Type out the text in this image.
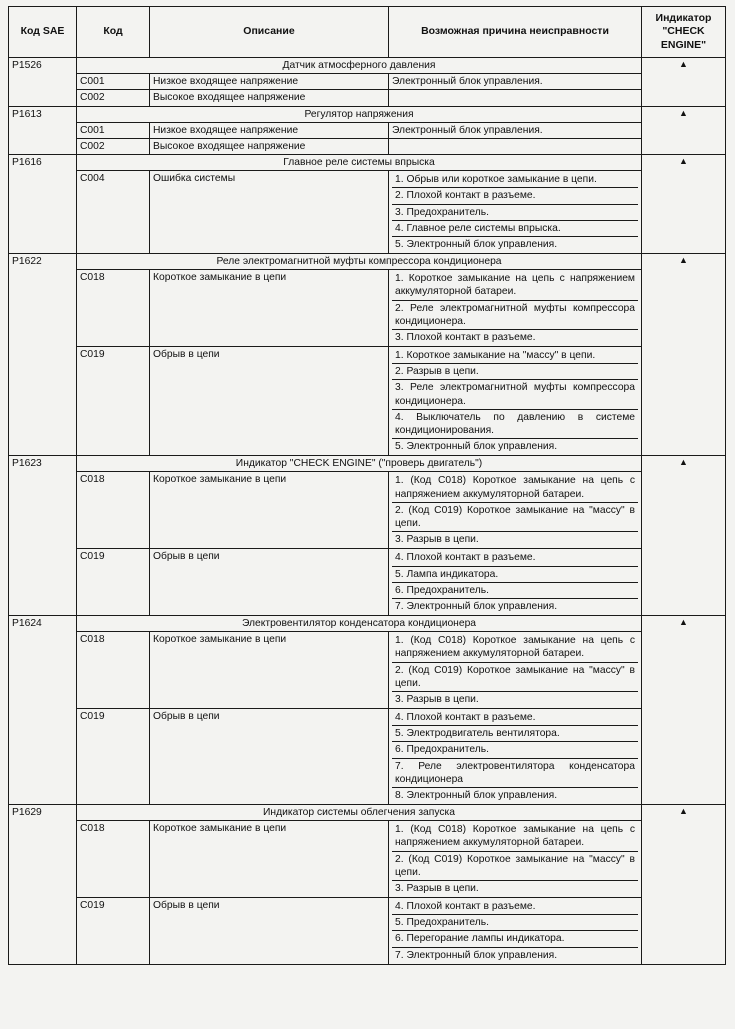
Код SAE	Код	Описание	Возможная причина неисправности	Индикатор "CHECK ENGINE"
P1526	Датчик атмосферного давления			▲
	C001	Низкое входящее напряжение	Электронный блок управления.	
	C002	Высокое входящее напряжение		
P1613	Регулятор напряжения			▲
	C001	Низкое входящее напряжение	Электронный блок управления.	
	C002	Высокое входящее напряжение		
P1616	Главное реле системы впрыска			▲
	C004	Ошибка системы	1. Обрыв или короткое замыкание в цепи.
2. Плохой контакт в разъеме.
3. Предохранитель.
4. Главное реле системы впрыска.
5. Электронный блок управления.	

P1622	Реле электромагнитной муфты компрессора кондиционера			▲
	C018	Короткое замыкание в цепи	1. Короткое замыкание на цепь с напряжением аккумуляторной батареи.
2. Реле электромагнитной муфты компрессора кондиционера.
3. Плохой контакт в разъеме.	

	C019	Обрыв в цепи	1. Короткое замыкание на "массу" в цепи.
2. Разрыв в цепи.
3. Реле электромагнитной муфты компрессора кондиционера.
4. Выключатель по давлению в системе кондиционирования.
5. Электронный блок управления.	

P1623	Индикатор "CHECK ENGINE" ("проверь двигатель")			▲
	C018	Короткое замыкание в цепи	1. (Код C018) Короткое замыкание на цепь с напряжением аккумуляторной батареи.
2. (Код C019) Короткое замыкание на "массу" в цепи.
3. Разрыв в цепи.	

	C019	Обрыв в цепи	4. Плохой контакт в разъеме.
5. Лампа индикатора.
6. Предохранитель.
7. Электронный блок управления.	

P1624	Электровентилятор конденсатора кондиционера			▲
	C018	Короткое замыкание в цепи	1. (Код C018) Короткое замыкание на цепь с напряжением аккумуляторной батареи.
2. (Код C019) Короткое замыкание на "массу" в цепи.
3. Разрыв в цепи.	

	C019	Обрыв в цепи	4. Плохой контакт в разъеме.
5. Электродвигатель вентилятора.
6. Предохранитель.
7. Реле электровентилятора конденсатора кондиционера
8. Электронный блок управления.	

P1629	Индикатор системы облегчения запуска			▲
	C018	Короткое замыкание в цепи	1. (Код C018) Короткое замыкание на цепь с напряжением аккумуляторной батареи.
2. (Код C019) Короткое замыкание на "массу" в цепи.
3. Разрыв в цепи.	

	C019	Обрыв в цепи	4. Плохой контакт в разъеме.
5. Предохранитель.
6. Перегорание лампы индикатора.
7. Электронный блок управления.	
